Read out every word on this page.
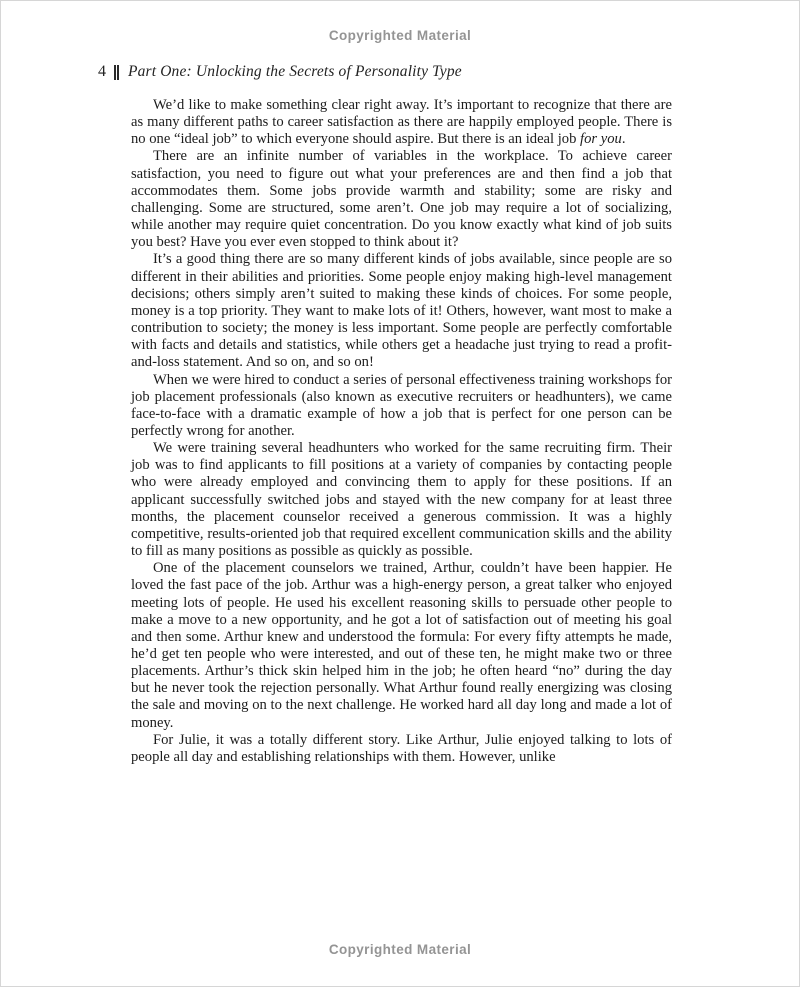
Copyrighted Material
4 Part One: Unlocking the Secrets of Personality Type

We’d like to make something clear right away. It’s important to recognize that there are as many different paths to career satisfaction as there are happily employed people. There is no one “ideal job” to which everyone should aspire. But there is an ideal job for you.

There are an infinite number of variables in the workplace. To achieve career satisfaction, you need to figure out what your preferences are and then find a job that accommodates them. Some jobs provide warmth and stability; some are risky and challenging. Some are structured, some aren’t. One job may require a lot of socializing, while another may require quiet concentration. Do you know exactly what kind of job suits you best? Have you ever even stopped to think about it?

It’s a good thing there are so many different kinds of jobs available, since people are so different in their abilities and priorities. Some people enjoy making high-level management decisions; others simply aren’t suited to making these kinds of choices. For some people, money is a top priority. They want to make lots of it! Others, however, want most to make a contribution to society; the money is less important. Some people are perfectly comfortable with facts and details and statistics, while others get a headache just trying to read a profit-and-loss statement. And so on, and so on!

When we were hired to conduct a series of personal effectiveness training workshops for job placement professionals (also known as executive recruiters or headhunters), we came face-to-face with a dramatic example of how a job that is perfect for one person can be perfectly wrong for another.

We were training several headhunters who worked for the same recruiting firm. Their job was to find applicants to fill positions at a variety of companies by contacting people who were already employed and convincing them to apply for these positions. If an applicant successfully switched jobs and stayed with the new company for at least three months, the placement counselor received a generous commission. It was a highly competitive, results-oriented job that required excellent communication skills and the ability to fill as many positions as possible as quickly as possible.

One of the placement counselors we trained, Arthur, couldn’t have been happier. He loved the fast pace of the job. Arthur was a high-energy person, a great talker who enjoyed meeting lots of people. He used his excellent reasoning skills to persuade other people to make a move to a new opportunity, and he got a lot of satisfaction out of meeting his goal and then some. Arthur knew and understood the formula: For every fifty attempts he made, he’d get ten people who were interested, and out of these ten, he might make two or three placements. Arthur’s thick skin helped him in the job; he often heard “no” during the day but he never took the rejection personally. What Arthur found really energizing was closing the sale and moving on to the next challenge. He worked hard all day long and made a lot of money.

For Julie, it was a totally different story. Like Arthur, Julie enjoyed talking to lots of people all day and establishing relationships with them. However, unlike

Copyrighted Material
